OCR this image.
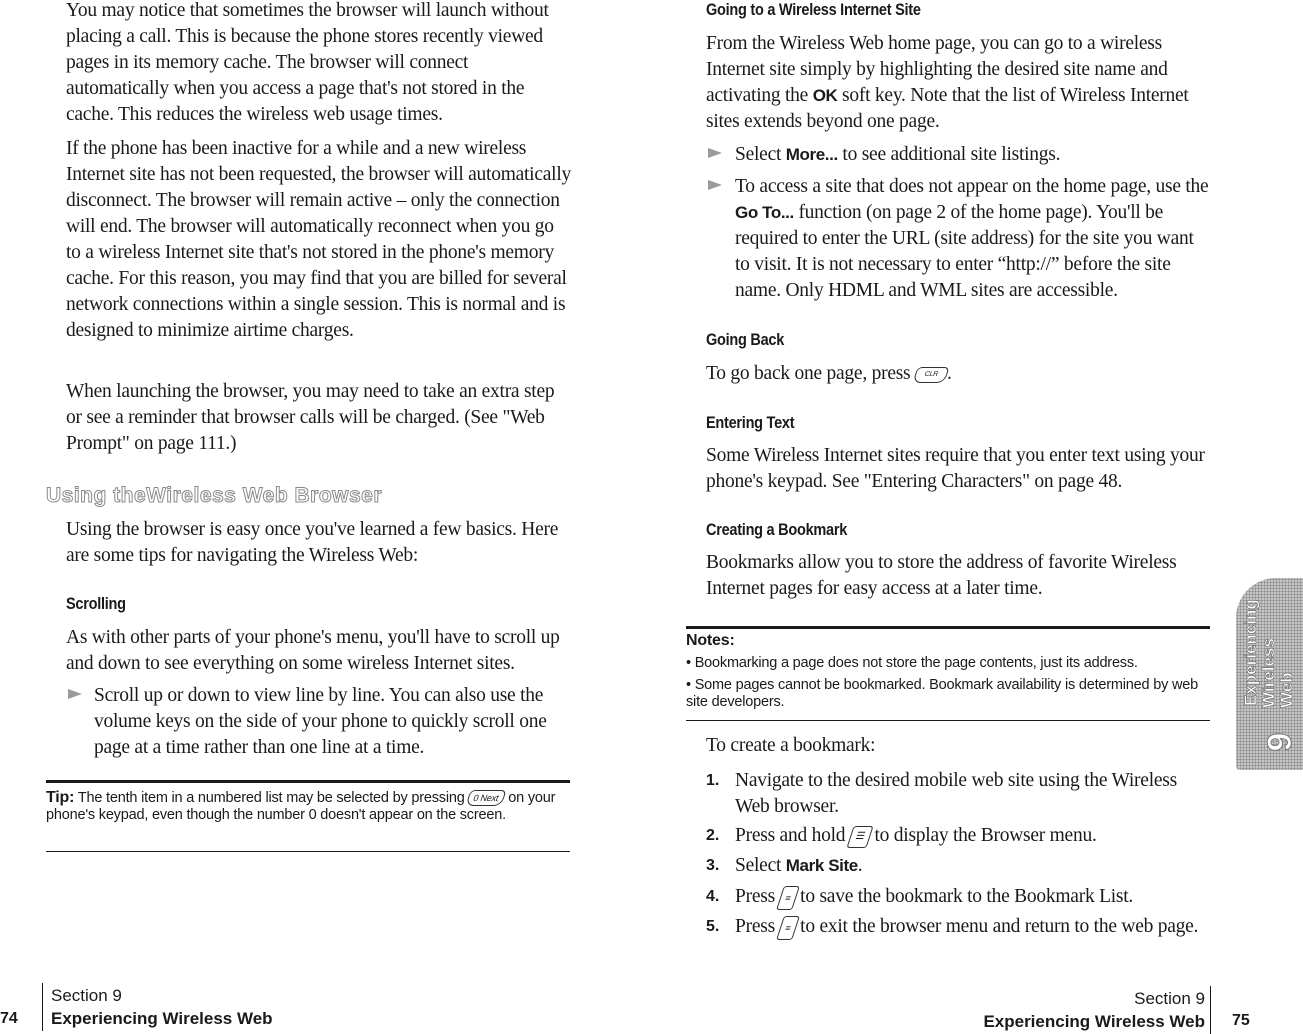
You may notice that sometimes the browser will launch without placing a call. This is because the phone stores recently viewed pages in its memory cache. The browser will connect automatically when you access a page that's not stored in the cache. This reduces the wireless web usage times.

If the phone has been inactive for a while and a new wireless Internet site has not been requested, the browser will automatically disconnect. The browser will remain active – only the connection will end. The browser will automatically reconnect when you go to a wireless Internet site that's not stored in the phone's memory cache. For this reason, you may find that you are billed for several network connections within a single session. This is normal and is designed to minimize airtime charges.

When launching the browser, you may need to take an extra step or see a reminder that browser calls will be charged. (See "Web Prompt" on page 111.)

Using theWireless Web Browser

Using the browser is easy once you've learned a few basics. Here are some tips for navigating the Wireless Web:

Scrolling

As with other parts of your phone's menu, you'll have to scroll up and down to see everything on some wireless Internet sites.

Scroll up or down to view line by line. You can also use the volume keys on the side of your phone to quickly scroll one page at a time rather than one line at a time.

Tip: The tenth item in a numbered list may be selected by pressing 0 Next on your phone's keypad, even though the number 0 doesn't appear on the screen.
Going to a Wireless Internet Site

From the Wireless Web home page, you can go to a wireless Internet site simply by highlighting the desired site name and activating the OK soft key. Note that the list of Wireless Internet sites extends beyond one page.

Select More... to see additional site listings.

To access a site that does not appear on the home page, use the Go To... function (on page 2 of the home page). You'll be required to enter the URL (site address) for the site you want to visit. It is not necessary to enter “http://” before the site name. Only HDML and WML sites are accessible.

Going Back

To go back one page, press CLR .

Entering Text

Some Wireless Internet sites require that you enter text using your phone's keypad. See "Entering Characters" on page 48.

Creating a Bookmark

Bookmarks allow you to store the address of favorite Wireless Internet pages for easy access at a later time.

Notes:
• Bookmarking a page does not store the page contents, just its address.
• Some pages cannot be bookmarked. Bookmark availability is determined by web site developers.

To create a bookmark:

1. Navigate to the desired mobile web site using the Wireless Web browser.

2. Press and hold ☰ to display the Browser menu.

3. Select Mark Site.

4. Press ≡ to save the bookmark to the Bookmark List.

5. Press ≡ to exit the browser menu and return to the web page.

Experiencing Wireless Web
9
74
Section 9
Experiencing Wireless Web
Section 9
Experiencing Wireless Web 75
